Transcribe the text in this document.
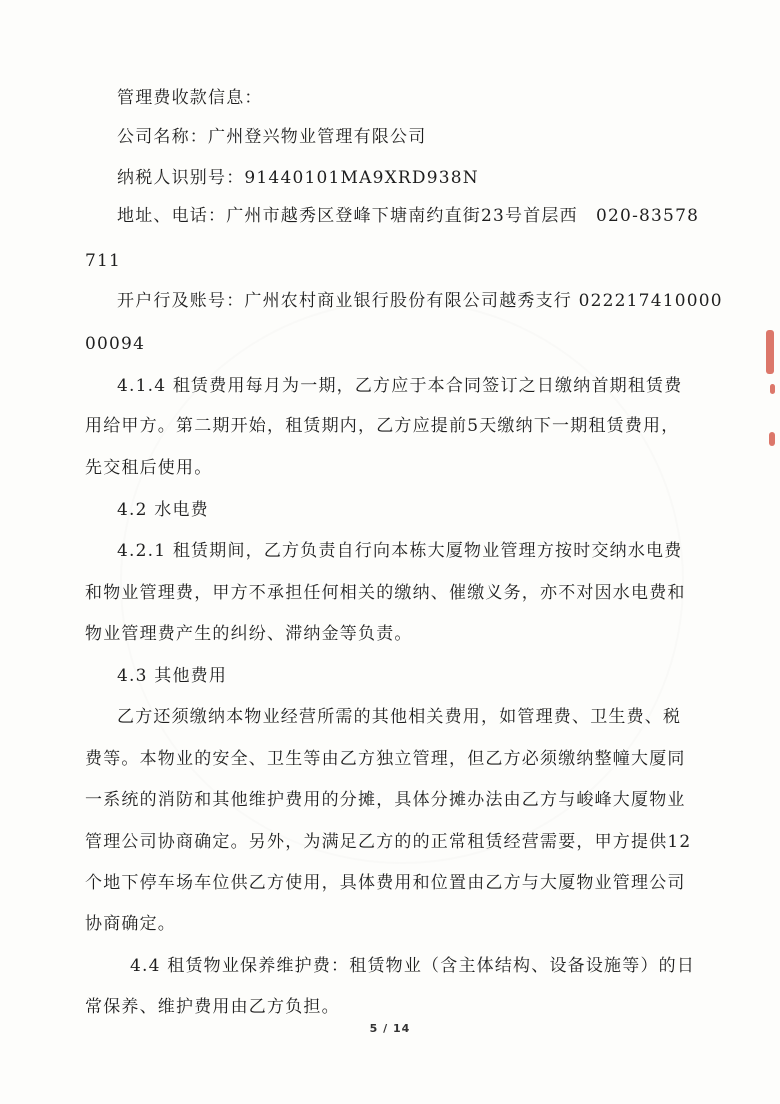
管理费收款信息：
公司名称：广州登兴物业管理有限公司
纳税人识别号：91440101MA9XRD938N
地址、电话：广州市越秀区登峰下塘南约直街23号首层西　020-83578
711
开户行及账号：广州农村商业银行股份有限公司越秀支行 022217410000
00094
4.1.4 租赁费用每月为一期，乙方应于本合同签订之日缴纳首期租赁费
用给甲方。第二期开始，租赁期内，乙方应提前5天缴纳下一期租赁费用，
先交租后使用。
4.2 水电费
4.2.1 租赁期间，乙方负责自行向本栋大厦物业管理方按时交纳水电费
和物业管理费，甲方不承担任何相关的缴纳、催缴义务，亦不对因水电费和
物业管理费产生的纠纷、滞纳金等负责。
4.3 其他费用
乙方还须缴纳本物业经营所需的其他相关费用，如管理费、卫生费、税
费等。本物业的安全、卫生等由乙方独立管理，但乙方必须缴纳整幢大厦同
一系统的消防和其他维护费用的分摊，具体分摊办法由乙方与峻峰大厦物业
管理公司协商确定。另外，为满足乙方的的正常租赁经营需要，甲方提供12
个地下停车场车位供乙方使用，具体费用和位置由乙方与大厦物业管理公司
协商确定。
4.4 租赁物业保养维护费：租赁物业（含主体结构、设备设施等）的日
常保养、维护费用由乙方负担。
5 / 14
